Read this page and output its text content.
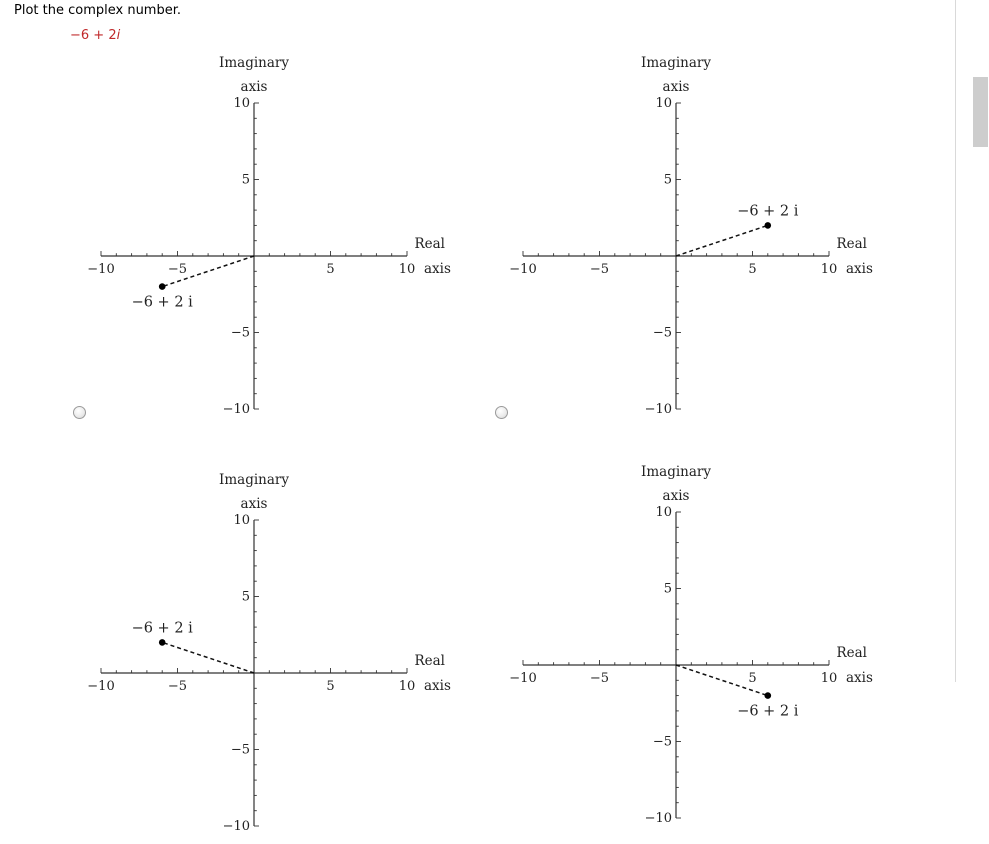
Plot the complex number.
−6 + 2i
−10	−5	5	10
10
5
−5
−10
Imaginary
axis
Real
axis
−6 + 2 i
−10	−5	5	10
10
5
−5
−10
Imaginary
axis
Real
axis
−6 + 2 i
−10	−5	5	10
10
5
−5
−10
Imaginary
axis
Real
axis
−6 + 2 i
−10	−5	5	10
10
5
−5
−10
Imaginary
axis
Real
axis
−6 + 2 i
